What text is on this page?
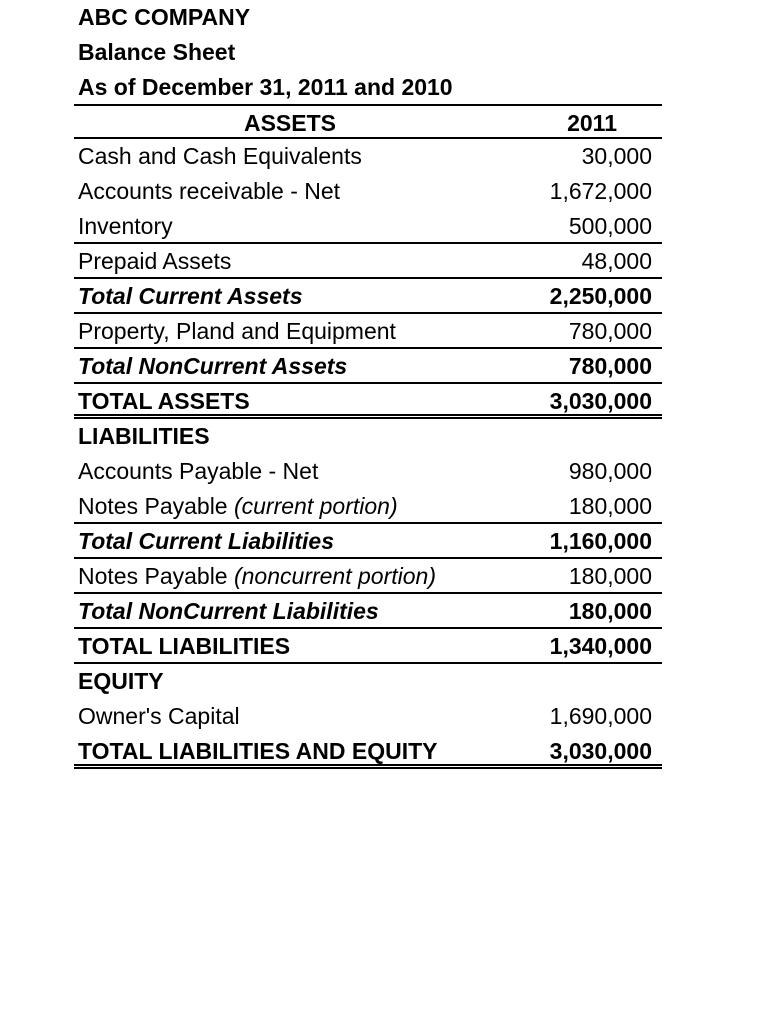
ABC COMPANY
Balance Sheet
As of December 31, 2011 and 2010
ASSETS	2011
Cash and Cash Equivalents	30,000
Accounts receivable - Net	1,672,000
Inventory	500,000
Prepaid Assets	48,000
Total Current Assets	2,250,000
Property, Pland and Equipment	780,000
Total NonCurrent Assets	780,000
TOTAL ASSETS	3,030,000
LIABILITIES
Accounts Payable - Net	980,000
Notes Payable (current portion)	180,000
Total Current Liabilities	1,160,000
Notes Payable (noncurrent portion)	180,000
Total NonCurrent Liabilities	180,000
TOTAL LIABILITIES	1,340,000
EQUITY
Owner's Capital	1,690,000
TOTAL LIABILITIES AND EQUITY	3,030,000
